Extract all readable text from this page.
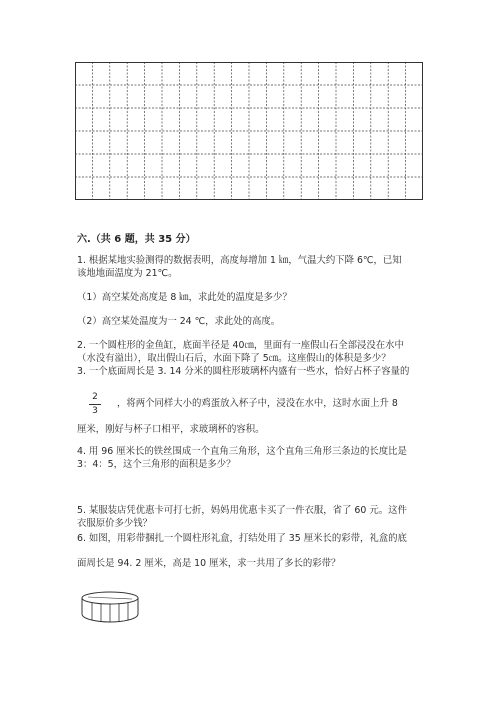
六.（共 6 题，共 35 分）
1. 根据某地实验测得的数据表明，高度每增加 1 ㎞，气温大约下降 6℃，已知
该地地面温度为 21℃。
（1）高空某处高度是 8 ㎞，求此处的温度是多少？
（2）高空某处温度为一 24 ℃，求此处的高度。
2. 一个圆柱形的金鱼缸，底面半径是 40㎝，里面有一座假山石全部浸没在水中
（水没有溢出），取出假山石后，水面下降了 5㎝。这座假山的体积是多少？
3. 一个底面周长是 3. 14 分米的圆柱形玻璃杯内盛有一些水，恰好占杯子容量的
2
3
，将两个同样大小的鸡蛋放入杯子中，浸没在水中，这时水面上升 8
厘米，刚好与杯子口相平，求玻璃杯的容积。
4. 用 96 厘米长的铁丝围成一个直角三角形，这个直角三角形三条边的长度比是
3：4：5，这个三角形的面积是多少？
5. 某服装店凭优惠卡可打七折，妈妈用优惠卡买了一件衣服，省了 60 元。这件
衣服原价多少钱？
6. 如图，用彩带捆扎一个圆柱形礼盒，打结处用了 35 厘米长的彩带，礼盒的底
面周长是 94. 2 厘米，高是 10 厘米，求一共用了多长的彩带？
